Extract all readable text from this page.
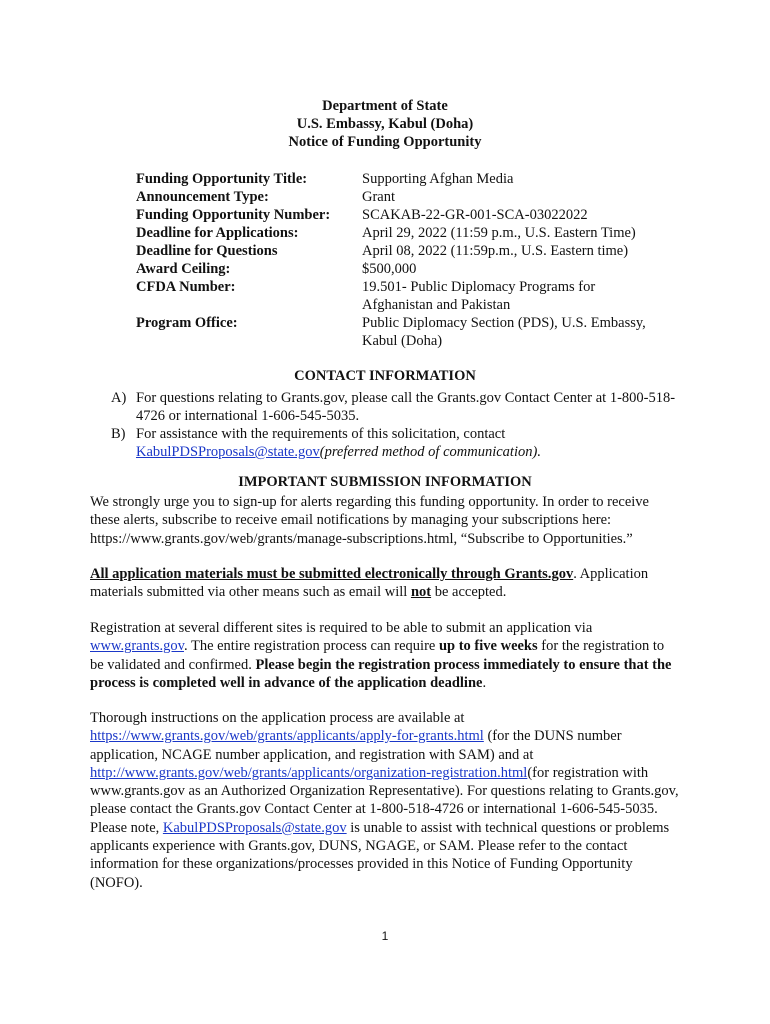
Department of State
U.S. Embassy, Kabul (Doha)
Notice of Funding Opportunity
Funding Opportunity Title:	Supporting Afghan Media
Announcement Type:	Grant
Funding Opportunity Number:	SCAKAB-22-GR-001-SCA-03022022
Deadline for Applications:	April 29, 2022 (11:59 p.m., U.S. Eastern Time)
Deadline for Questions	April 08, 2022 (11:59p.m., U.S. Eastern time)
Award Ceiling:	$500,000
CFDA Number:	19.501- Public Diplomacy Programs for Afghanistan and Pakistan
Program Office:	Public Diplomacy Section (PDS), U.S. Embassy, Kabul (Doha)
CONTACT INFORMATION
A) For questions relating to Grants.gov, please call the Grants.gov Contact Center at 1-800-518-4726 or international 1-606-545-5035.
B) For assistance with the requirements of this solicitation, contact
KabulPDSProposals@state.gov(preferred method of communication).
IMPORTANT SUBMISSION INFORMATION
We strongly urge you to sign-up for alerts regarding this funding opportunity. In order to receive these alerts, subscribe to receive email notifications by managing your subscriptions here: https://www.grants.gov/web/grants/manage-subscriptions.html, “Subscribe to Opportunities.”
All application materials must be submitted electronically through Grants.gov. Application materials submitted via other means such as email will not be accepted.
Registration at several different sites is required to be able to submit an application via www.grants.gov. The entire registration process can require up to five weeks for the registration to be validated and confirmed. Please begin the registration process immediately to ensure that the process is completed well in advance of the application deadline.
Thorough instructions on the application process are available at https://www.grants.gov/web/grants/applicants/apply-for-grants.html (for the DUNS number application, NCAGE number application, and registration with SAM) and at http://www.grants.gov/web/grants/applicants/organization-registration.html(for registration with www.grants.gov as an Authorized Organization Representative). For questions relating to Grants.gov, please contact the Grants.gov Contact Center at 1-800-518-4726 or international 1-606-545-5035. Please note, KabulPDSProposals@state.gov is unable to assist with technical questions or problems applicants experience with Grants.gov, DUNS, NGAGE, or SAM. Please refer to the contact information for these organizations/processes provided in this Notice of Funding Opportunity (NOFO).
1
